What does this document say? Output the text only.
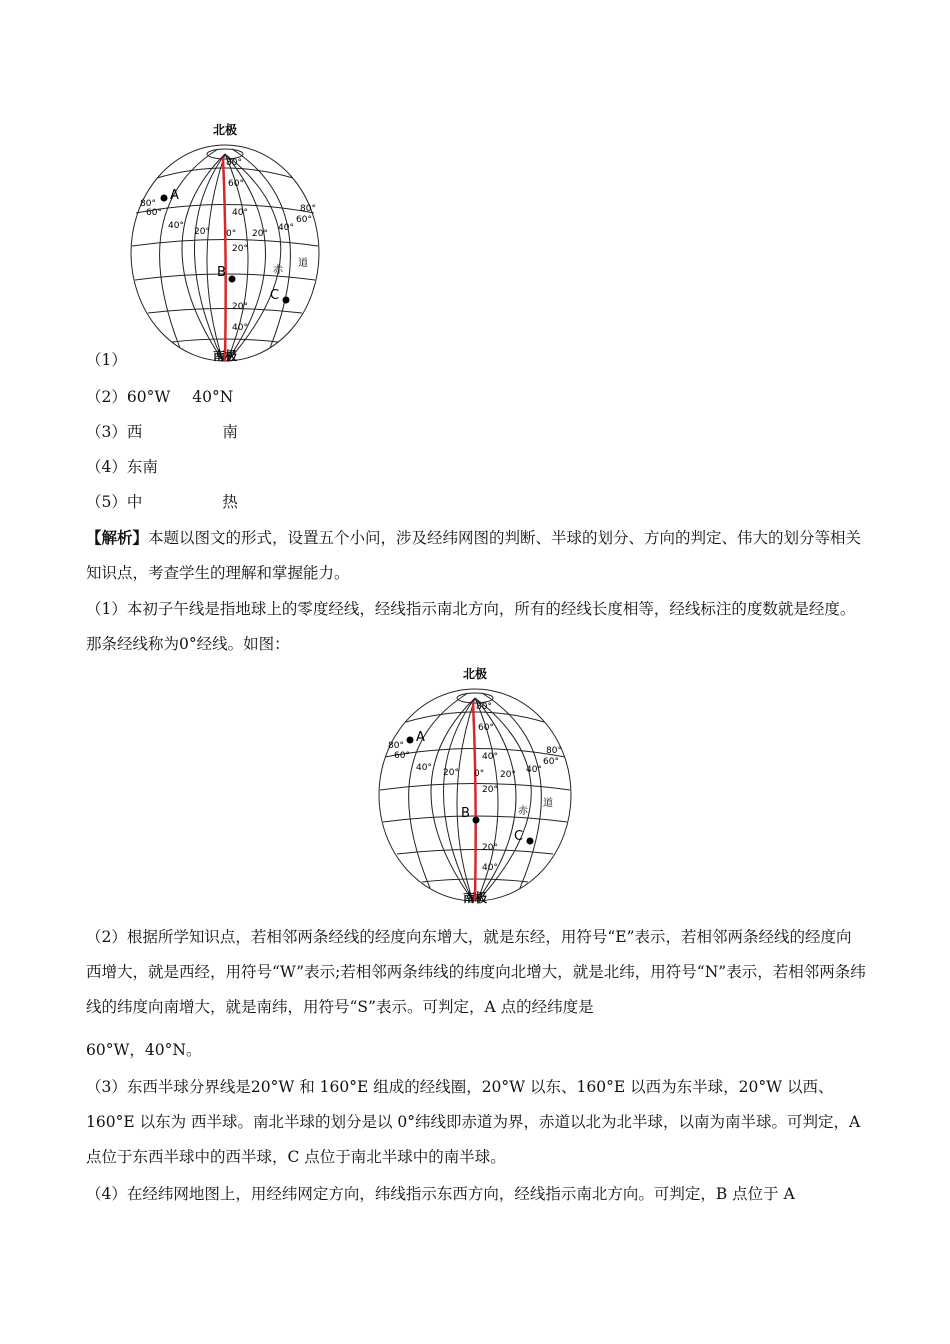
北极
南极
80°
60°
40°
0°
20°
20°
40°
80°
60°
40°
20°
80°
60°
40°
20°
赤
道
A
B
C
（1）
（2）60°W 40°N
（3）西	南
（4）东南
（5）中	热
【解析】本题以图文的形式，设置五个小问，涉及经纬网图的判断、半球的划分、方向的判定、伟大的划分等相关知识点，考查学生的理解和掌握能力。
（1）本初子午线是指地球上的零度经线，经线指示南北方向，所有的经线长度相等，经线标注的度数就是经度。那条经线称为0°经线。如图：
北极
南极
80°
60°
40°
0°
20°
20°
40°
80°
60°
40° 20°
80°
60°
40°
20°
赤
道
A
B
C
（2）根据所学知识点，若相邻两条经线的经度向东增大，就是东经，用符号“E”表示，若相邻两条经线的经度向西增大，就是西经，用符号“W”表示;若相邻两条纬线的纬度向北增大，就是北纬，用符号“N”表示，若相邻两条纬线的纬度向南增大，就是南纬，用符号“S”表示。可判定，A 点的经纬度是
60°W，40°N。
（3）东西半球分界线是20°W 和 160°E 组成的经线圈，20°W 以东、160°E 以西为东半球，20°W 以西、160°E 以东为 西半球。南北半球的划分是以 0°纬线即赤道为界，赤道以北为北半球，以南为南半球。可判定，A 点位于东西半球中的西半球，C 点位于南北半球中的南半球。
（4）在经纬网地图上，用经纬网定方向，纬线指示东西方向，经线指示南北方向。可判定，B 点位于 A
